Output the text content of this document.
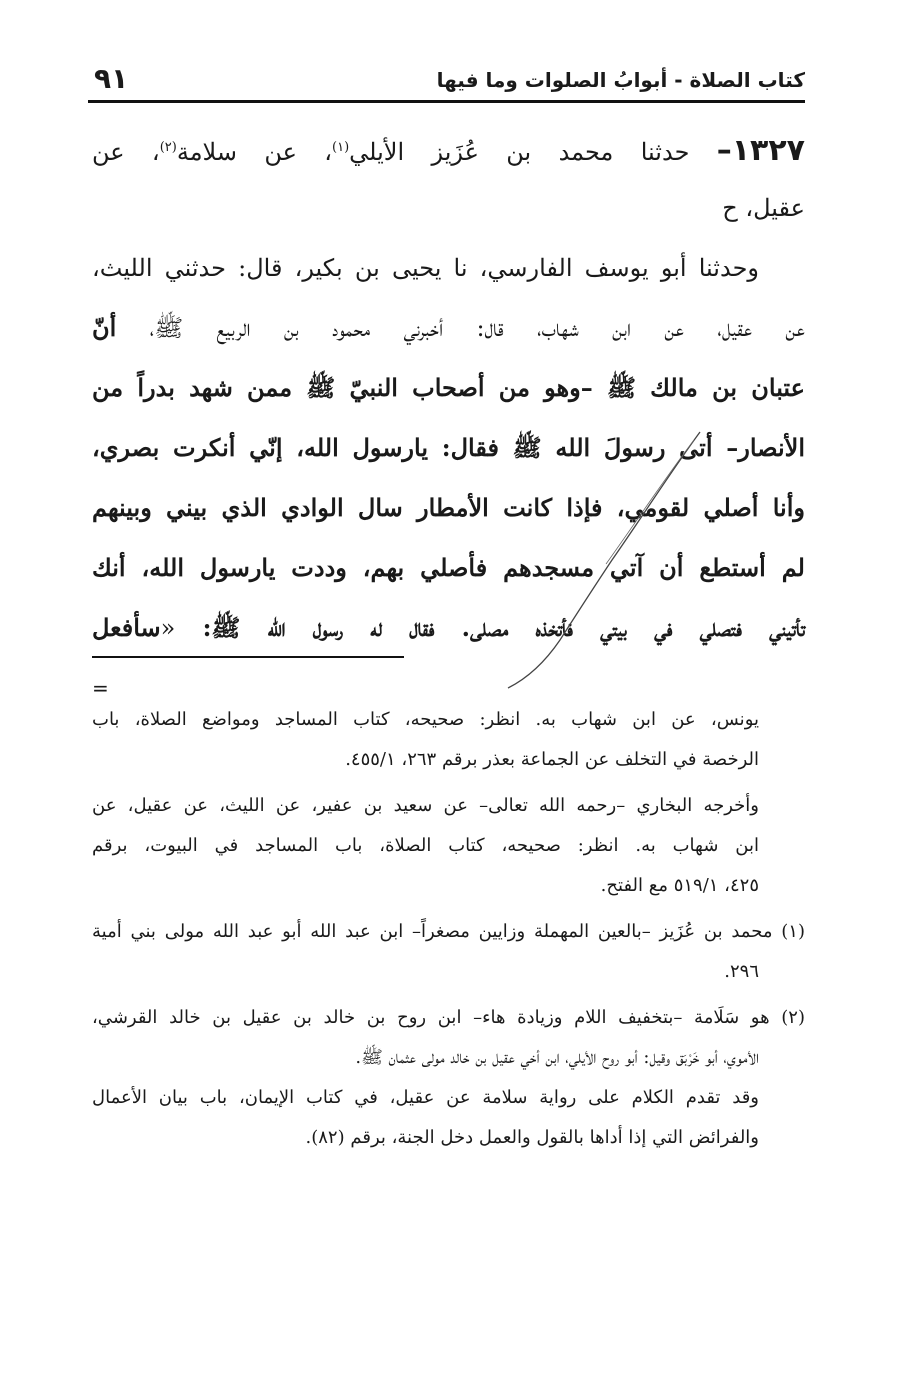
كتاب الصلاة - أبوابُ الصلوات وما فيها
٩١
١٣٢٧– حدثنا محمد بن عُزَيز الأيلي$^{(١)}$، عن سلامة$^{(٢)}$، عن
عقيل، ح
وحدثنا أبو يوسف الفارسي، نا يحيى بن بكير، قال: حدثني الليث،
عن عقيل، عن ابن شهاب، قال: أخبرني محمود بن الربيع ﷺ، أنّ
عتبان بن مالك ﷺ –وهو من أصحاب النبيّ ﷺ ممن شهد بدراً من
الأنصار– أتى رسولَ الله ﷺ فقال: يارسول الله، إنّي أنكرت بصري،
وأنا أصلي لقومي، فإذا كانت الأمطار سال الوادي الذي بيني وبينهم
لم أستطع أن آتي مسجدهم فأصلي بهم، وددت يارسول الله، أنك
تأتيني فتصلي في بيتي فأتخذه مصلى. فقال له رسول الله ﷺ: «سأفعل
=
يونس، عن ابن شهاب به. انظر: صحيحه، كتاب المساجد ومواضع الصلاة، باب
الرخصة في التخلف عن الجماعة بعذر برقم ٢٦٣، ٤٥٥/١.
وأخرجه البخاري –رحمه الله تعالى– عن سعيد بن عفير، عن الليث، عن عقيل، عن
ابن شهاب به. انظر: صحيحه، كتاب الصلاة، باب المساجد في البيوت، برقم
٤٢٥، ٥١٩/١ مع الفتح.
(١) محمد بن عُزَيز –بالعين المهملة وزايين مصغراً– ابن عبد الله أبو عبد الله مولى بني أمية
٢٩٦.
(٢) هو سَلَامة –بتخفيف اللام وزيادة هاء– ابن روح بن خالد بن عقيل بن خالد القرشي،
الأموي، أبو خَرْبَق وقيل: أبو روح الأيلي، ابن أخي عقيل بن خالد مولى عثمان ﷺ.
وقد تقدم الكلام على رواية سلامة عن عقيل، في كتاب الإيمان، باب بيان الأعمال
والفرائض التي إذا أداها بالقول والعمل دخل الجنة، برقم (٨٢).
